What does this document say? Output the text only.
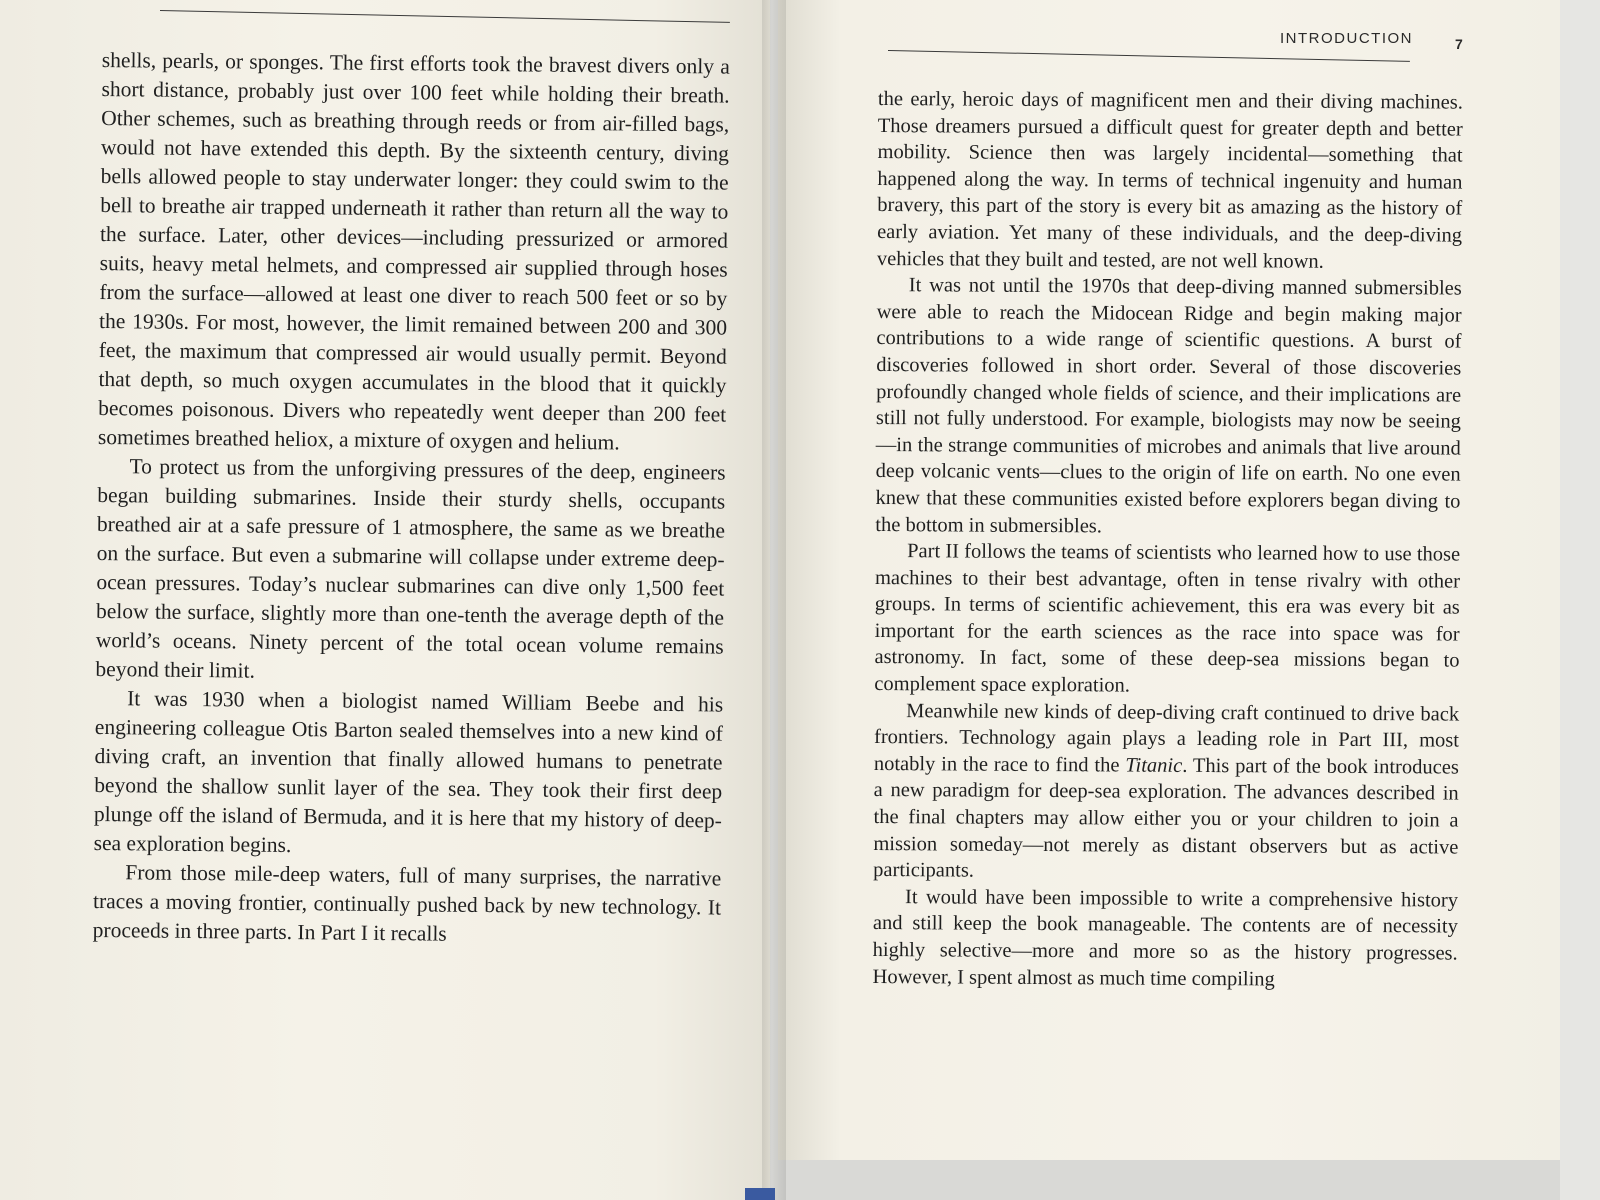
INTRODUCTION	7

shells, pearls, or sponges. The first efforts took the bravest divers only a short distance, probably just over 100 feet while holding their breath. Other schemes, such as breathing through reeds or from air-filled bags, would not have extended this depth. By the sixteenth century, diving bells allowed people to stay underwater longer: they could swim to the bell to breathe air trapped underneath it rather than return all the way to the surface. Later, other devices—including pressurized or armored suits, heavy metal helmets, and compressed air supplied through hoses from the surface—allowed at least one diver to reach 500 feet or so by the 1930s. For most, however, the limit remained between 200 and 300 feet, the maximum that compressed air would usually permit. Beyond that depth, so much oxygen accumulates in the blood that it quickly becomes poisonous. Divers who repeatedly went deeper than 200 feet sometimes breathed heliox, a mixture of oxygen and helium.

To protect us from the unforgiving pressures of the deep, engineers began building submarines. Inside their sturdy shells, occupants breathed air at a safe pressure of 1 atmosphere, the same as we breathe on the surface. But even a submarine will collapse under extreme deep-ocean pressures. Today’s nuclear submarines can dive only 1,500 feet below the surface, slightly more than one-tenth the average depth of the world’s oceans. Ninety percent of the total ocean volume remains beyond their limit.

It was 1930 when a biologist named William Beebe and his engineering colleague Otis Barton sealed themselves into a new kind of diving craft, an invention that finally allowed humans to penetrate beyond the shallow sunlit layer of the sea. They took their first deep plunge off the island of Bermuda, and it is here that my history of deep-sea exploration begins.

From those mile-deep waters, full of many surprises, the narrative traces a moving frontier, continually pushed back by new technology. It proceeds in three parts. In Part I it recalls

the early, heroic days of magnificent men and their diving machines. Those dreamers pursued a difficult quest for greater depth and better mobility. Science then was largely incidental—something that happened along the way. In terms of technical ingenuity and human bravery, this part of the story is every bit as amazing as the history of early aviation. Yet many of these individuals, and the deep-diving vehicles that they built and tested, are not well known.

It was not until the 1970s that deep-diving manned submersibles were able to reach the Midocean Ridge and begin making major contributions to a wide range of scientific questions. A burst of discoveries followed in short order. Several of those discoveries profoundly changed whole fields of science, and their implications are still not fully understood. For example, biologists may now be seeing—in the strange communities of microbes and animals that live around deep volcanic vents—clues to the origin of life on earth. No one even knew that these communities existed before explorers began diving to the bottom in submersibles.

Part II follows the teams of scientists who learned how to use those machines to their best advantage, often in tense rivalry with other groups. In terms of scientific achievement, this era was every bit as important for the earth sciences as the race into space was for astronomy. In fact, some of these deep-sea missions began to complement space exploration.

Meanwhile new kinds of deep-diving craft continued to drive back frontiers. Technology again plays a leading role in Part III, most notably in the race to find the Titanic. This part of the book introduces a new paradigm for deep-sea exploration. The advances described in the final chapters may allow either you or your children to join a mission someday—not merely as distant observers but as active participants.

It would have been impossible to write a comprehensive history and still keep the book manageable. The contents are of necessity highly selective—more and more so as the history progresses. However, I spent almost as much time compiling
